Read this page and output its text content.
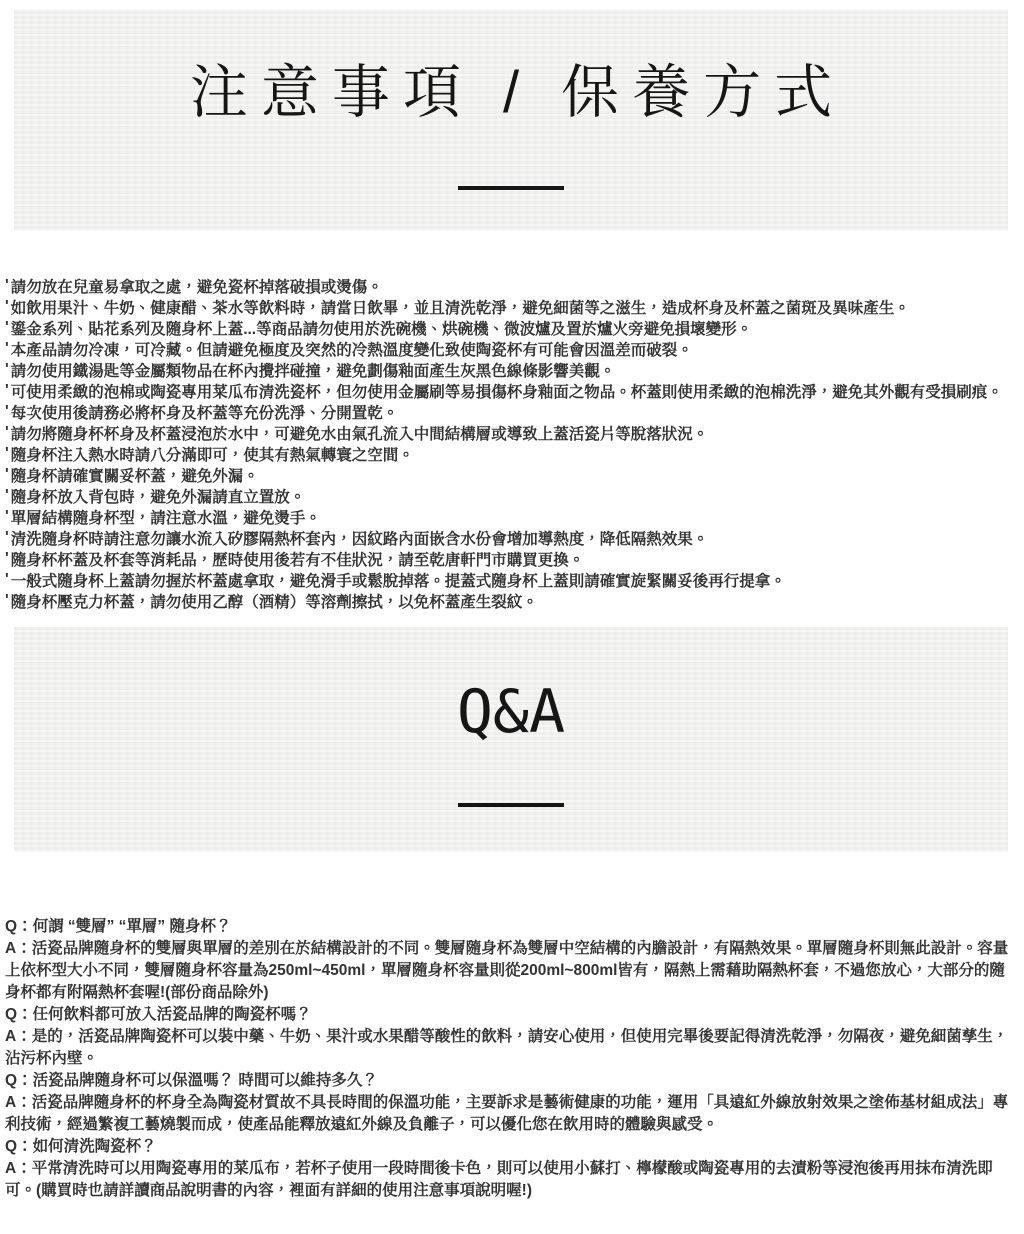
注意事項 / 保養方式
' 請勿放在兒童易拿取之處，避免瓷杯掉落破損或燙傷。
' 如飲用果汁、牛奶、健康醋、茶水等飲料時，請當日飲畢，並且清洗乾淨，避免細菌等之滋生，造成杯身及杯蓋之菌斑及異味產生。
' 鎏金系列、貼花系列及隨身杯上蓋...等商品請勿使用於洗碗機、烘碗機、微波爐及置於爐火旁避免損壞變形。
' 本產品請勿冷凍，可冷藏。但請避免極度及突然的冷熱溫度變化致使陶瓷杯有可能會因溫差而破裂。
' 請勿使用鐵湯匙等金屬類物品在杯內攪拌碰撞，避免劃傷釉面產生灰黑色線條影響美觀。
' 可使用柔緻的泡棉或陶瓷專用菜瓜布清洗瓷杯，但勿使用金屬刷等易損傷杯身釉面之物品。杯蓋則使用柔緻的泡棉洗淨，避免其外觀有受損刷痕。
' 每次使用後請務必將杯身及杯蓋等充份洗淨、分開置乾。
' 請勿將隨身杯杯身及杯蓋浸泡於水中，可避免水由氣孔流入中間結構層或導致上蓋活瓷片等脫落狀況。
' 隨身杯注入熱水時請八分滿即可，使其有熱氣轉寰之空間。
' 隨身杯請確實關妥杯蓋，避免外漏。
' 隨身杯放入背包時，避免外漏請直立置放。
' 單層結構隨身杯型，請注意水溫，避免燙手。
' 清洗隨身杯時請注意勿讓水流入矽膠隔熱杯套內，因紋路內面嵌含水份會增加導熱度，降低隔熱效果。
' 隨身杯杯蓋及杯套等消耗品，歷時使用後若有不佳狀況，請至乾唐軒門市購買更換。
' 一般式隨身杯上蓋請勿握於杯蓋處拿取，避免滑手或鬆脫掉落。提蓋式隨身杯上蓋則請確實旋緊關妥後再行提拿。
' 隨身杯壓克力杯蓋，請勿使用乙醇（酒精）等溶劑擦拭，以免杯蓋產生裂紋。
Q&A

Q：何謂 “雙層” “單層” 隨身杯？

A：活瓷品牌隨身杯的雙層與單層的差別在於結構設計的不同。雙層隨身杯為雙層中空結構的內膽設計，有隔熱效果。單層隨身杯則無此設計。容量上依杯型大小不同，雙層隨身杯容量為250ml~450ml，單層隨身杯容量則從200ml~800ml皆有，隔熱上需藉助隔熱杯套，不過您放心，大部分的隨身杯都有附隔熱杯套喔!(部份商品除外)

Q：任何飲料都可放入活瓷品牌的陶瓷杯嗎？

A：是的，活瓷品牌陶瓷杯可以裝中藥、牛奶、果汁或水果醋等酸性的飲料，請安心使用，但使用完畢後要記得清洗乾淨，勿隔夜，避免細菌孳生，沾污杯內壁。

Q：活瓷品牌隨身杯可以保溫嗎？ 時間可以維持多久？

A：活瓷品牌隨身杯的杯身全為陶瓷材質故不具長時間的保溫功能，主要訴求是藝術健康的功能，運用「具遠紅外線放射效果之塗佈基材組成法」專利技術，經過繁複工藝燒製而成，使產品能釋放遠紅外線及負離子，可以優化您在飲用時的體驗與感受。

Q：如何清洗陶瓷杯？

A：平常清洗時可以用陶瓷專用的菜瓜布，若杯子使用一段時間後卡色，則可以使用小蘇打、檸檬酸或陶瓷專用的去漬粉等浸泡後再用抹布清洗即可。(購買時也請詳讀商品說明書的內容，裡面有詳細的使用注意事項說明喔!)
